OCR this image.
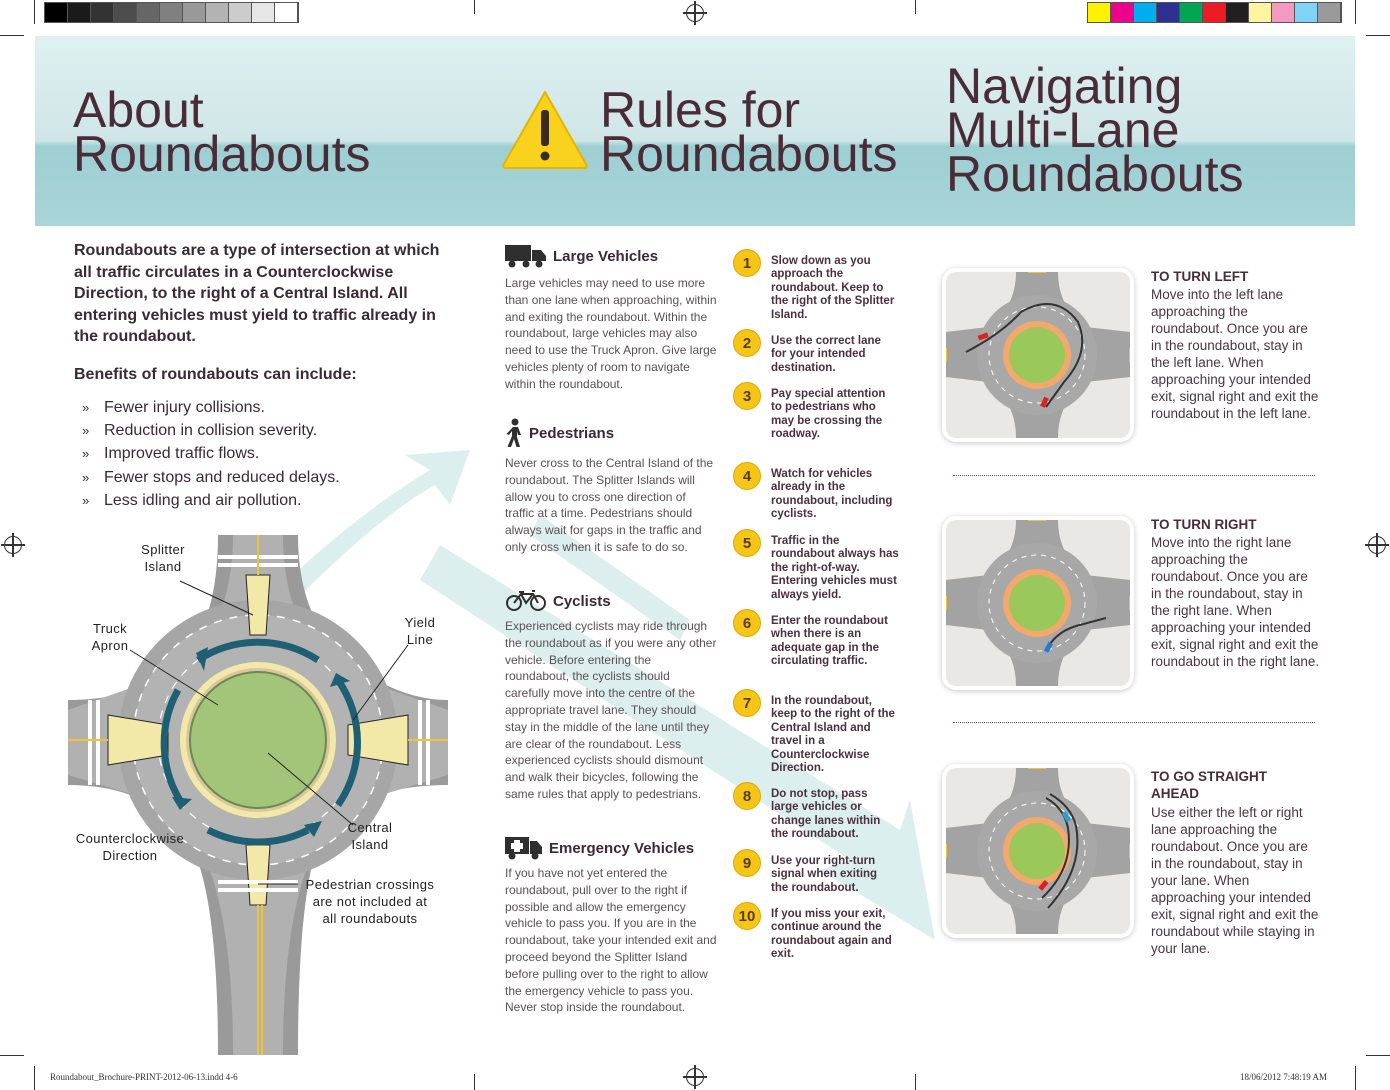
Roundabout_Brochure-PRINT-2012-06-13.indd 4-6	18/06/2012 7:48:19 AM
About
Roundabouts
Rules for
Roundabouts
Navigating
Multi-Lane
Roundabouts

Roundabouts are a type of intersection at which all traffic circulates in a Counterclockwise Direction, to the right of a Central Island. All entering vehicles must yield to traffic already in the roundabout.

Benefits of roundabouts can include:

» Fewer injury collisions.
» Reduction in collision severity.
» Improved traffic flows.
» Fewer stops and reduced delays.
» Less idling and air pollution.
Splitter
Island
Truck
Apron
Yield
Line
Counterclockwise
Direction
Central
Island
Pedestrian crossings
are not included at
all roundabouts
Large Vehicles

Large vehicles may need to use more than one lane when approaching, within and exiting the roundabout. Within the roundabout, large vehicles may also need to use the Truck Apron. Give large vehicles plenty of room to navigate within the roundabout.

Pedestrians

Never cross to the Central Island of the roundabout. The Splitter Islands will allow you to cross one direction of traffic at a time. Pedestrians should always wait for gaps in the traffic and only cross when it is safe to do so.

Cyclists

Experienced cyclists may ride through the roundabout as if you were any other vehicle. Before entering the roundabout, the cyclists should carefully move into the centre of the appropriate travel lane. They should stay in the middle of the lane until they are clear of the roundabout. Less experienced cyclists should dismount and walk their bicycles, following the same rules that apply to pedestrians.

Emergency Vehicles

If you have not yet entered the roundabout, pull over to the right if possible and allow the emergency vehicle to pass you. If you are in the roundabout, take your intended exit and proceed beyond the Splitter Island before pulling over to the right to allow the emergency vehicle to pass you. Never stop inside the roundabout.

1	Slow down as you approach the roundabout. Keep to the right of the Splitter Island.
2	Use the correct lane for your intended destination.
3	Pay special attention to pedestrians who may be crossing the roadway.
4	Watch for vehicles already in the roundabout, including cyclists.
5	Traffic in the roundabout always has the right-of-way. Entering vehicles must always yield.
6	Enter the roundabout when there is an adequate gap in the circulating traffic.
7	In the roundabout, keep to the right of the Central Island and travel in a Counterclockwise Direction.
8	Do not stop, pass large vehicles or change lanes within the roundabout.
9	Use your right-turn signal when exiting the roundabout.
10	If you miss your exit, continue around the roundabout again and exit.
TO TURN LEFT

Move into the left lane approaching the roundabout. Once you are in the roundabout, stay in the left lane. When approaching your intended exit, signal right and exit the roundabout in the left lane.

TO TURN RIGHT

Move into the right lane approaching the roundabout. Once you are in the roundabout, stay in the right lane. When approaching your intended exit, signal right and exit the roundabout in the right lane.

TO GO STRAIGHT AHEAD

Use either the left or right lane approaching the roundabout. Once you are in the roundabout, stay in your lane. When approaching your intended exit, signal right and exit the roundabout while staying in your lane.
